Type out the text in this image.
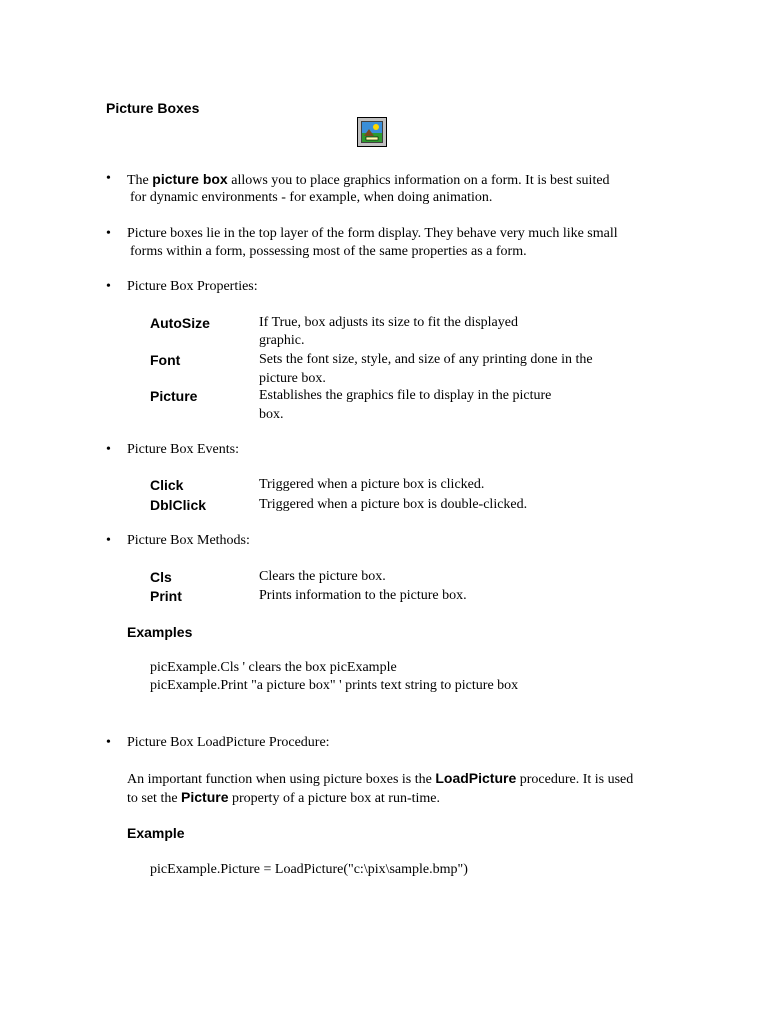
Picture Boxes
•	The picture box allows you to place graphics information on a form. It is best suited
for dynamic environments - for example, when doing animation.
•	Picture boxes lie in the top layer of the form display. They behave very much like small
forms within a form, possessing most of the same properties as a form.
•	Picture Box Properties:
AutoSize	If True, box adjusts its size to fit the displayed
graphic.
Font	Sets the font size, style, and size of any printing done in the
picture box.
Picture	Establishes the graphics file to display in the picture
box.
•	Picture Box Events:
Click	Triggered when a picture box is clicked.
DblClick	Triggered when a picture box is double-clicked.
•	Picture Box Methods:
Cls	Clears the picture box.
Print	Prints information to the picture box.
Examples
picExample.Cls ' clears the box picExample
picExample.Print "a picture box" ' prints text string to picture box
•	Picture Box LoadPicture Procedure:
An important function when using picture boxes is the LoadPicture procedure. It is used
to set the Picture property of a picture box at run-time.
Example
picExample.Picture = LoadPicture("c:\pix\sample.bmp")
